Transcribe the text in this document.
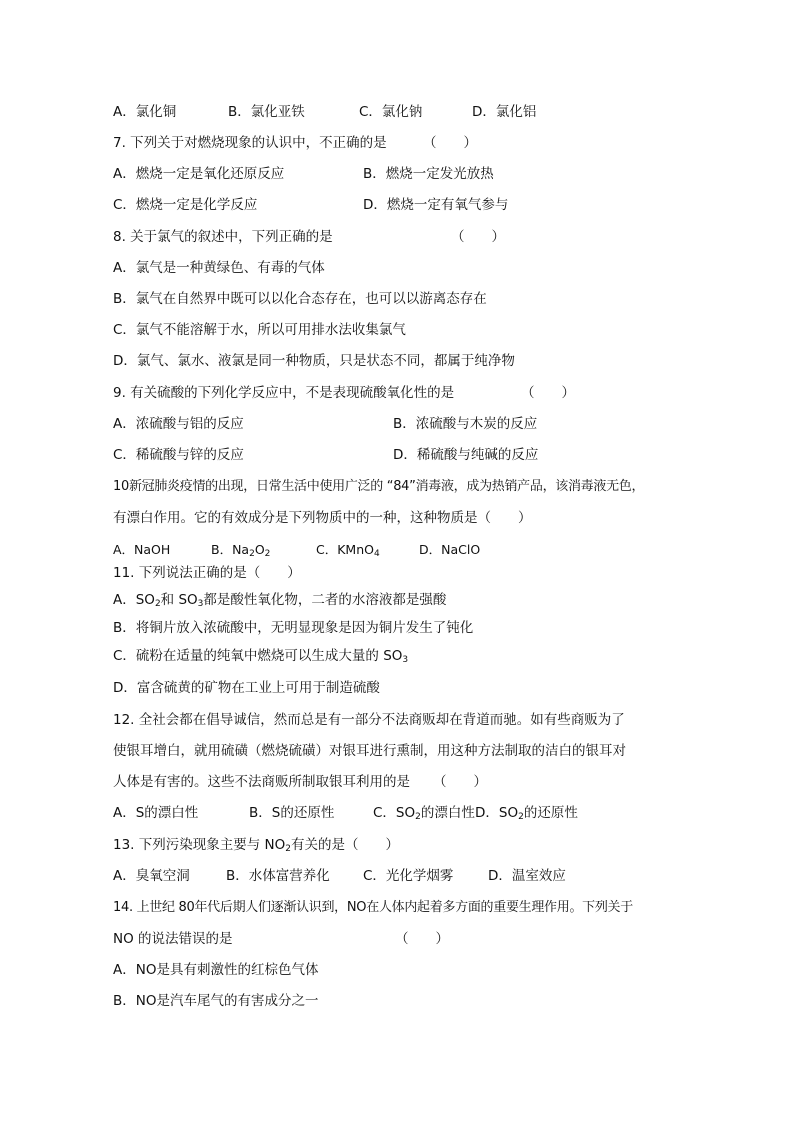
A．氯化铜	B．氯化亚铁	C．氯化钠	D．氯化铝
7. 下列关于对燃烧现象的认识中，不正确的是	（　　）
A．燃烧一定是氧化还原反应	B．燃烧一定发光放热
C．燃烧一定是化学反应	D．燃烧一定有氧气参与
8. 关于氯气的叙述中，下列正确的是	（　　）
A．氯气是一种黄绿色、有毒的气体
B．氯气在自然界中既可以以化合态存在，也可以以游离态存在
C．氯气不能溶解于水，所以可用排水法收集氯气
D．氯气、氯水、液氯是同一种物质，只是状态不同，都属于纯净物
9. 有关硫酸的下列化学反应中，不是表现硫酸氧化性的是	（　　）
A．浓硫酸与铝的反应	B．浓硫酸与木炭的反应
C．稀硫酸与锌的反应	D．稀硫酸与纯碱的反应
10新冠肺炎疫情的出现，日常生活中使用广泛的 “84”消毒液，成为热销产品，该消毒液无色，
有漂白作用。它的有效成分是下列物质中的一种，这种物质是（　　）
A．NaOH	B．$Na_2O_2$	C．KMnO$_4$	D．NaClO
11. 下列说法正确的是（　　）
A．$SO_2$和 $SO_3$都是酸性氧化物，二者的水溶液都是强酸
B．将铜片放入浓硫酸中，无明显现象是因为铜片发生了钝化
C．硫粉在适量的纯氧中燃烧可以生成大量的 $SO_3$
D．富含硫黄的矿物在工业上可用于制造硫酸
12. 全社会都在倡导诚信，然而总是有一部分不法商贩却在背道而驰。如有些商贩为了
使银耳增白，就用硫磺（燃烧硫磺）对银耳进行熏制，用这种方法制取的洁白的银耳对
人体是有害的。这些不法商贩所制取银耳利用的是 （　　）
A．S的漂白性	B．S的还原性	C．$SO_2$的漂白性 D．$SO_2$的还原性
13. 下列污染现象主要与 $NO_2$有关的是（　　）
A．臭氧空洞	B．水体富营养化 C．光化学烟雾	D．温室效应
14. 上世纪 80年代后期人们逐渐认识到，NO在人体内起着多方面的重要生理作用。下列关于
NO 的说法错误的是	（　　）
A．NO是具有刺激性的红棕色气体
B．NO是汽车尾气的有害成分之一
